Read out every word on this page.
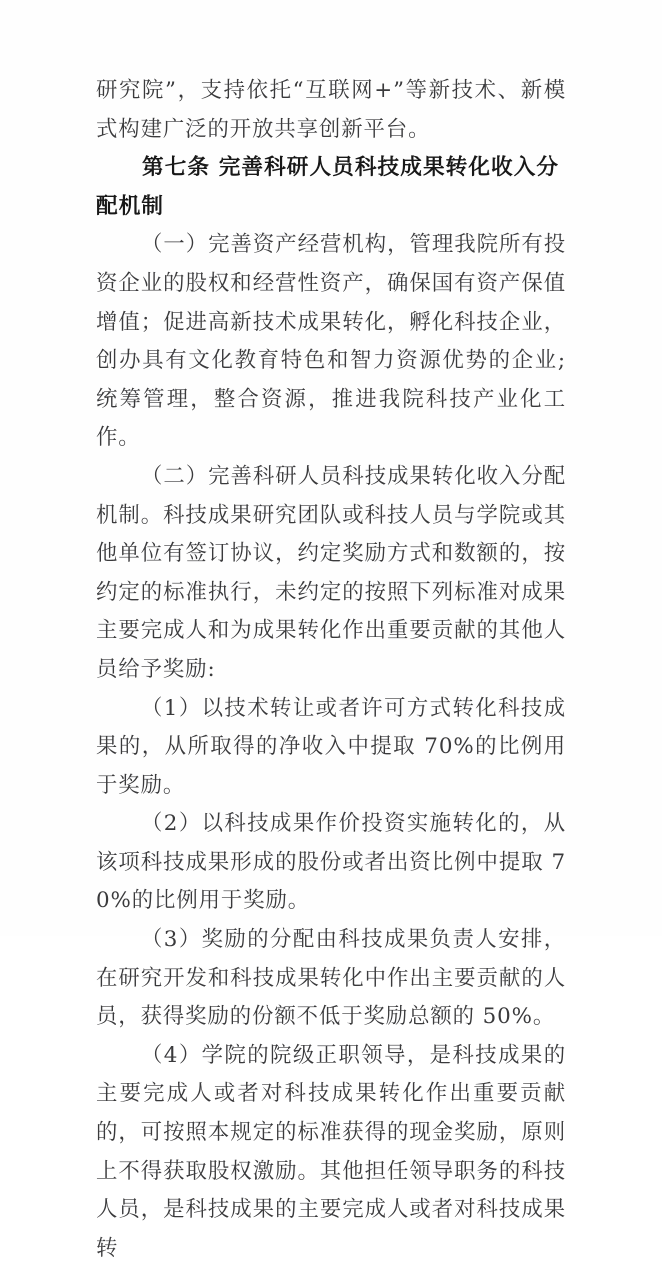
研究院”，支持依托“互联网+”等新技术、新模式构建广泛的开放共享创新平台。

第七条 完善科研人员科技成果转化收入分配机制

（一）完善资产经营机构，管理我院所有投资企业的股权和经营性资产，确保国有资产保值增值；促进高新技术成果转化，孵化科技企业，创办具有文化教育特色和智力资源优势的企业;统筹管理，整合资源，推进我院科技产业化工作。

（二）完善科研人员科技成果转化收入分配机制。科技成果研究团队或科技人员与学院或其他单位有签订协议，约定奖励方式和数额的，按约定的标准执行，未约定的按照下列标准对成果主要完成人和为成果转化作出重要贡献的其他人员给予奖励:

（1）以技术转让或者许可方式转化科技成果的，从所取得的净收入中提取 70%的比例用于奖励。

（2）以科技成果作价投资实施转化的，从该项科技成果形成的股份或者出资比例中提取 70%的比例用于奖励。

（3）奖励的分配由科技成果负责人安排，在研究开发和科技成果转化中作出主要贡献的人员，获得奖励的份额不低于奖励总额的 50%。

（4）学院的院级正职领导，是科技成果的主要完成人或者对科技成果转化作出重要贡献的，可按照本规定的标准获得的现金奖励，原则上不得获取股权激励。其他担任领导职务的科技人员，是科技成果的主要完成人或者对科技成果转
